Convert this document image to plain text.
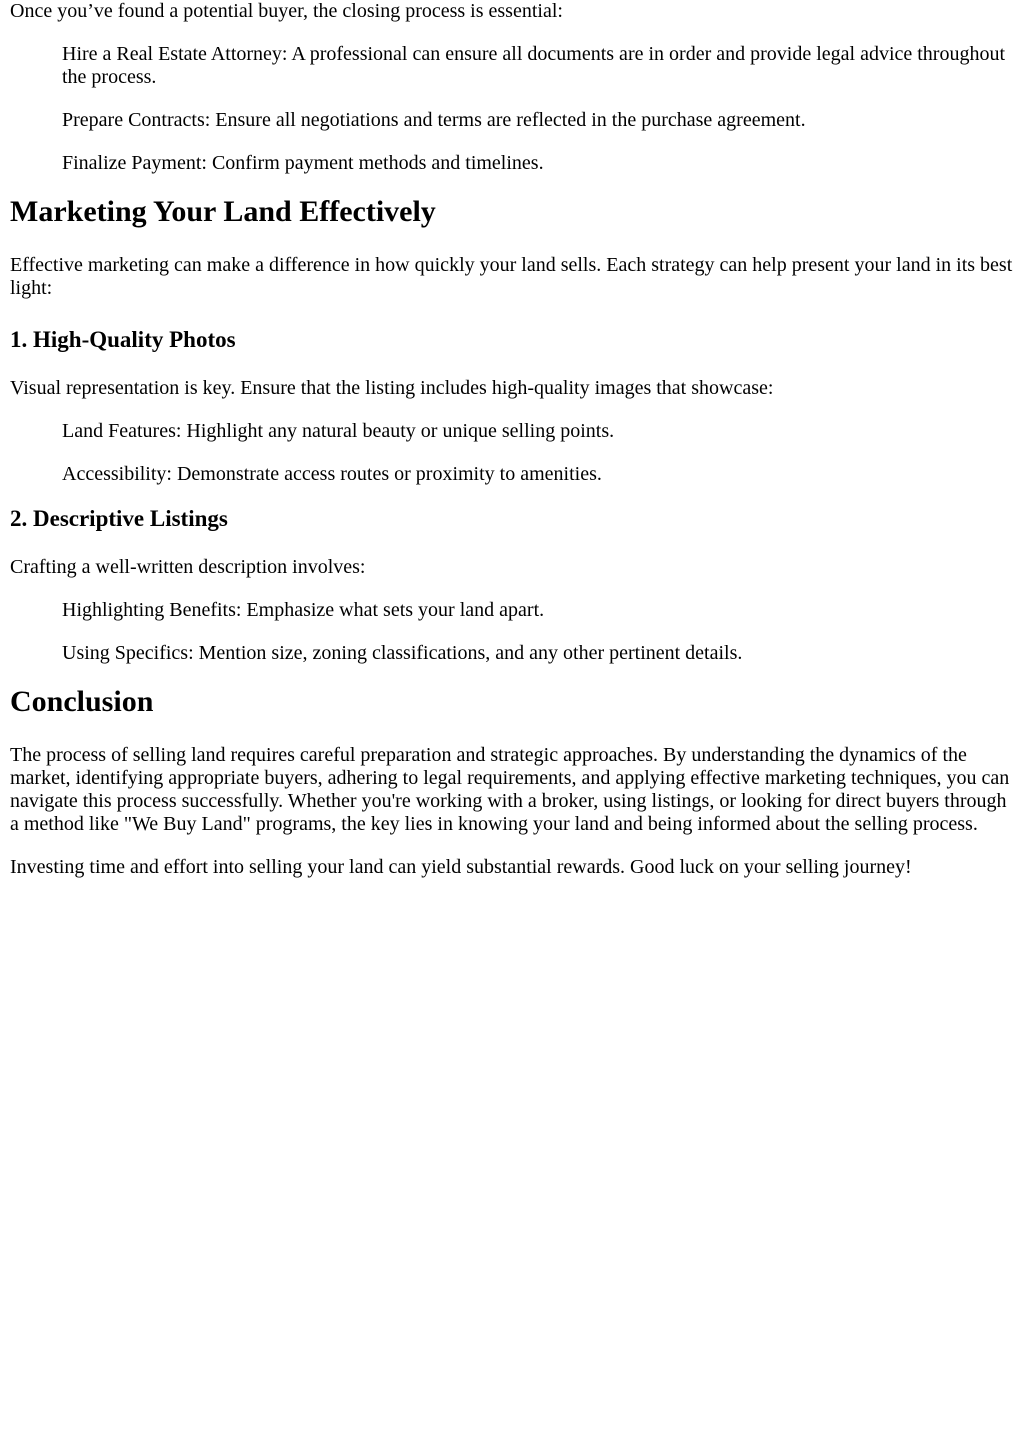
Once you’ve found a potential buyer, the closing process is essential:

Hire a Real Estate Attorney: A professional can ensure all documents are in order and provide legal advice throughout the process.

Prepare Contracts: Ensure all negotiations and terms are reflected in the purchase agreement.

Finalize Payment: Confirm payment methods and timelines.

Marketing Your Land Effectively

Effective marketing can make a difference in how quickly your land sells. Each strategy can help present your land in its best light:

1. High-Quality Photos

Visual representation is key. Ensure that the listing includes high-quality images that showcase:

Land Features: Highlight any natural beauty or unique selling points.

Accessibility: Demonstrate access routes or proximity to amenities.

2. Descriptive Listings

Crafting a well-written description involves:

Highlighting Benefits: Emphasize what sets your land apart.

Using Specifics: Mention size, zoning classifications, and any other pertinent details.

Conclusion

The process of selling land requires careful preparation and strategic approaches. By understanding the dynamics of the market, identifying appropriate buyers, adhering to legal requirements, and applying effective marketing techniques, you can navigate this process successfully. Whether you're working with a broker, using listings, or looking for direct buyers through a method like "We Buy Land" programs, the key lies in knowing your land and being informed about the selling process.

Investing time and effort into selling your land can yield substantial rewards. Good luck on your selling journey!
